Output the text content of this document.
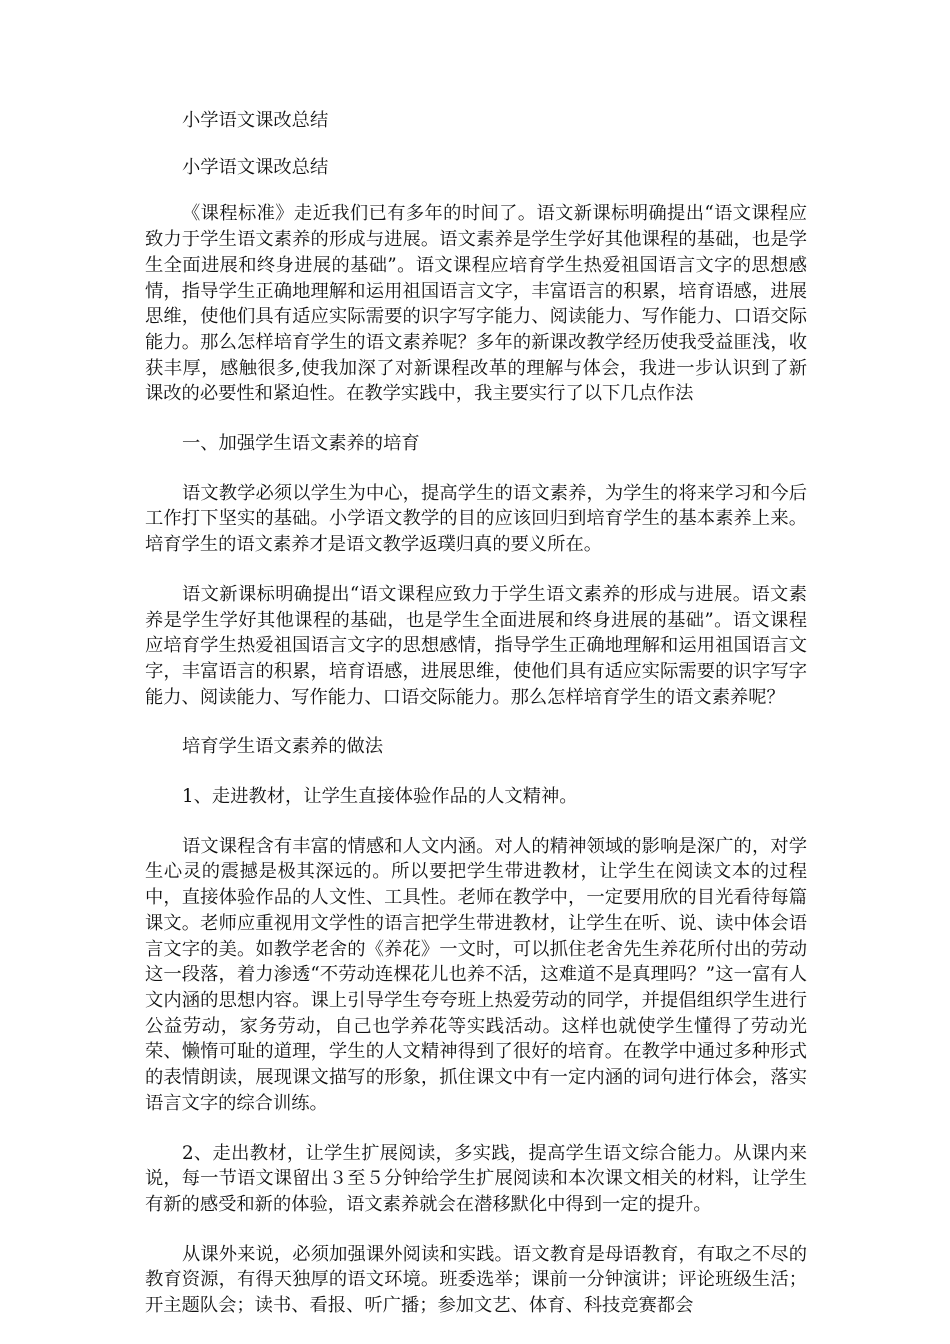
小学语文课改总结

小学语文课改总结

《课程标准》走近我们已有多年的时间了。语文新课标明确提出“语文课程应致力于学生语文素养的形成与进展。语文素养是学生学好其他课程的基础，也是学生全面进展和终身进展的基础”。语文课程应培育学生热爱祖国语言文字的思想感情，指导学生正确地理解和运用祖国语言文字，丰富语言的积累，培育语感，进展思维，使他们具有适应实际需要的识字写字能力、阅读能力、写作能力、口语交际能力。那么怎样培育学生的语文素养呢？多年的新课改教学经历使我受益匪浅，收获丰厚，感触很多,使我加深了对新课程改革的理解与体会，我进一步认识到了新课改的必要性和紧迫性。在教学实践中，我主要实行了以下几点作法

一、加强学生语文素养的培育

语文教学必须以学生为中心，提高学生的语文素养，为学生的将来学习和今后工作打下坚实的基础。小学语文教学的目的应该回归到培育学生的基本素养上来。培育学生的语文素养才是语文教学返璞归真的要义所在。

语文新课标明确提出“语文课程应致力于学生语文素养的形成与进展。语文素养是学生学好其他课程的基础，也是学生全面进展和终身进展的基础”。语文课程应培育学生热爱祖国语言文字的思想感情，指导学生正确地理解和运用祖国语言文字，丰富语言的积累，培育语感，进展思维，使他们具有适应实际需要的识字写字能力、阅读能力、写作能力、口语交际能力。那么怎样培育学生的语文素养呢？

培育学生语文素养的做法

1、走进教材，让学生直接体验作品的人文精神。

语文课程含有丰富的情感和人文内涵。对人的精神领域的影响是深广的，对学生心灵的震撼是极其深远的。所以要把学生带进教材，让学生在阅读文本的过程中，直接体验作品的人文性、工具性。老师在教学中，一定要用欣的目光看待每篇课文。老师应重视用文学性的语言把学生带进教材，让学生在听、说、读中体会语言文字的美。如教学老舍的《养花》一文时，可以抓住老舍先生养花所付出的劳动这一段落，着力渗透“不劳动连棵花儿也养不活，这难道不是真理吗？”这一富有人文内涵的思想内容。课上引导学生夸夸班上热爱劳动的同学，并提倡组织学生进行公益劳动，家务劳动，自己也学养花等实践活动。这样也就使学生懂得了劳动光荣、懒惰可耻的道理，学生的人文精神得到了很好的培育。在教学中通过多种形式的表情朗读，展现课文描写的形象，抓住课文中有一定内涵的词句进行体会，落实语言文字的综合训练。

2、走出教材，让学生扩展阅读，多实践，提高学生语文综合能力。从课内来说，每一节语文课留出３至５分钟给学生扩展阅读和本次课文相关的材料，让学生有新的感受和新的体验，语文素养就会在潜移默化中得到一定的提升。

从课外来说，必须加强课外阅读和实践。语文教育是母语教育，有取之不尽的教育资源，有得天独厚的语文环境。班委选举；课前一分钟演讲；评论班级生活；开主题队会；读书、看报、听广播；参加文艺、体育、科技竞赛都会
